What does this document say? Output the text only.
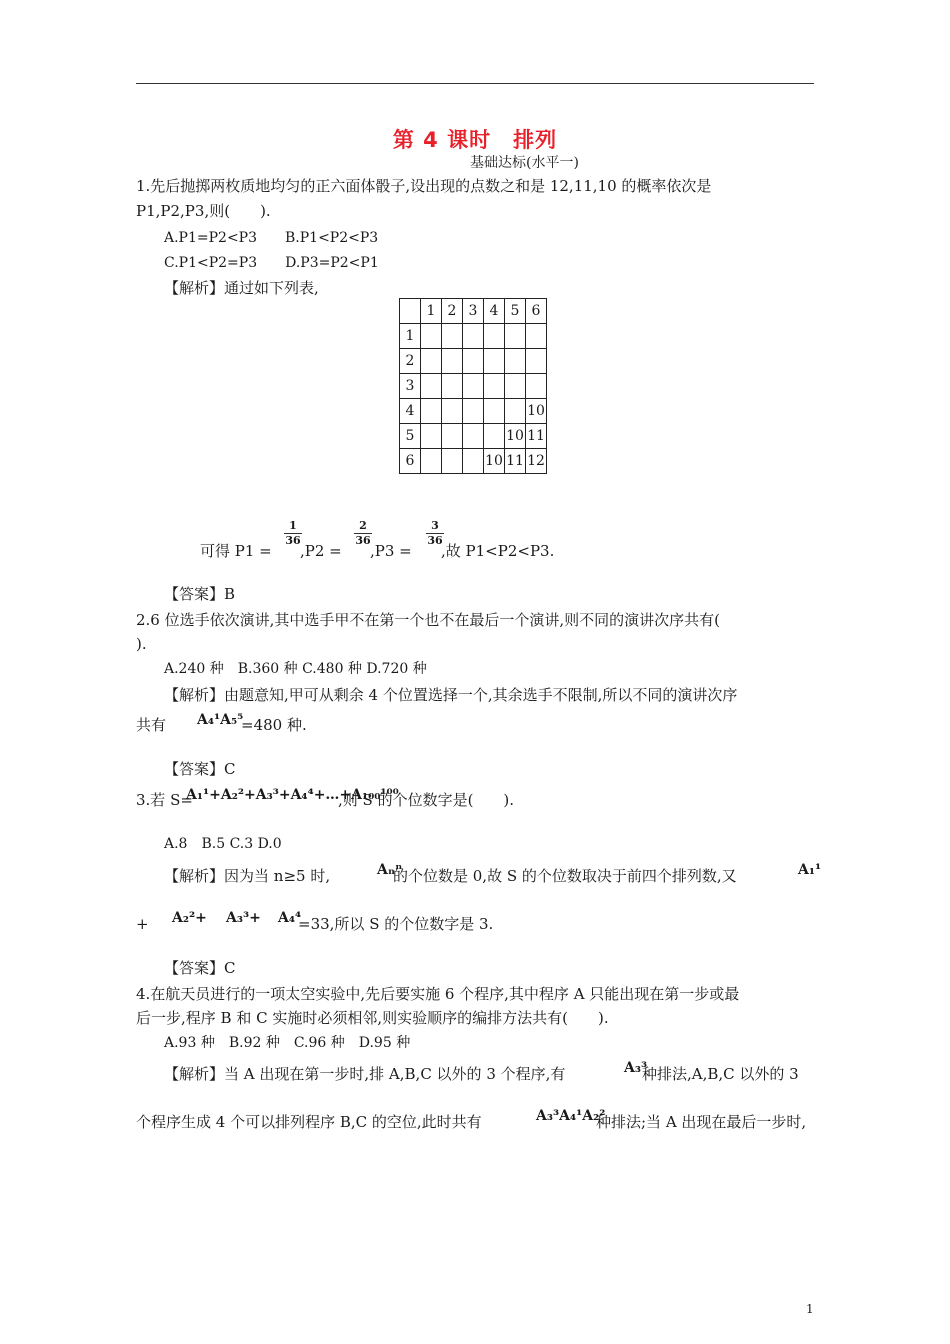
第 4 课时　排列
基础达标(水平一)
1.先后抛掷两枚质地均匀的正六面体骰子,设出现的点数之和是 12,11,10 的概率依次是
P1,P2,P3,则(　　).
A.P1=P2<P3　　B.P1<P2<P3
C.P1<P2=P3　　D.P3=P2<P1
【解析】通过如下列表,
	1	2	3	4	5	6
1						
2						
3						
4						10
5					10	11
6				10	11	12
1
36
2
36
3
36
可得 P1 = ,P2 = ,P3 = ,故 P1<P2<P3.
【答案】B
2.6 位选手依次演讲,其中选手甲不在第一个也不在最后一个演讲,则不同的演讲次序共有(
).
A.240 种　B.360 种 C.480 种 D.720 种
【解析】由题意知,甲可从剩余 4 个位置选择一个,其余选手不限制,所以不同的演讲次序
共有 A₄¹A₅⁵
=480 种.
【答案】C
3.若 S=
A₁¹+A₂²+A₃³+A₄⁴+…+A₁₀₀¹⁰⁰
,则 S 的个位数字是(　　).
A.8　B.5 C.3 D.0
【解析】因为当 n≥5 时,	Aₙⁿ
的个位数是 0,故 S 的个位数取决于前四个排列数,又	A₁¹
+ A₂²+ A₃³+ A₄⁴
=33,所以 S 的个位数字是 3.
【答案】C
4.在航天员进行的一项太空实验中,先后要实施 6 个程序,其中程序 A 只能出现在第一步或最
后一步,程序 B 和 C 实施时必须相邻,则实验顺序的编排方法共有(　　).
A.93 种　B.92 种　C.96 种　D.95 种
【解析】当 A 出现在第一步时,排 A,B,C 以外的 3 个程序,有	A₃³
种排法,A,B,C 以外的 3
个程序生成 4 个可以排列程序 B,C 的空位,此时共有	A₃³A₄¹A₂²
种排法;当 A 出现在最后一步时,
1
